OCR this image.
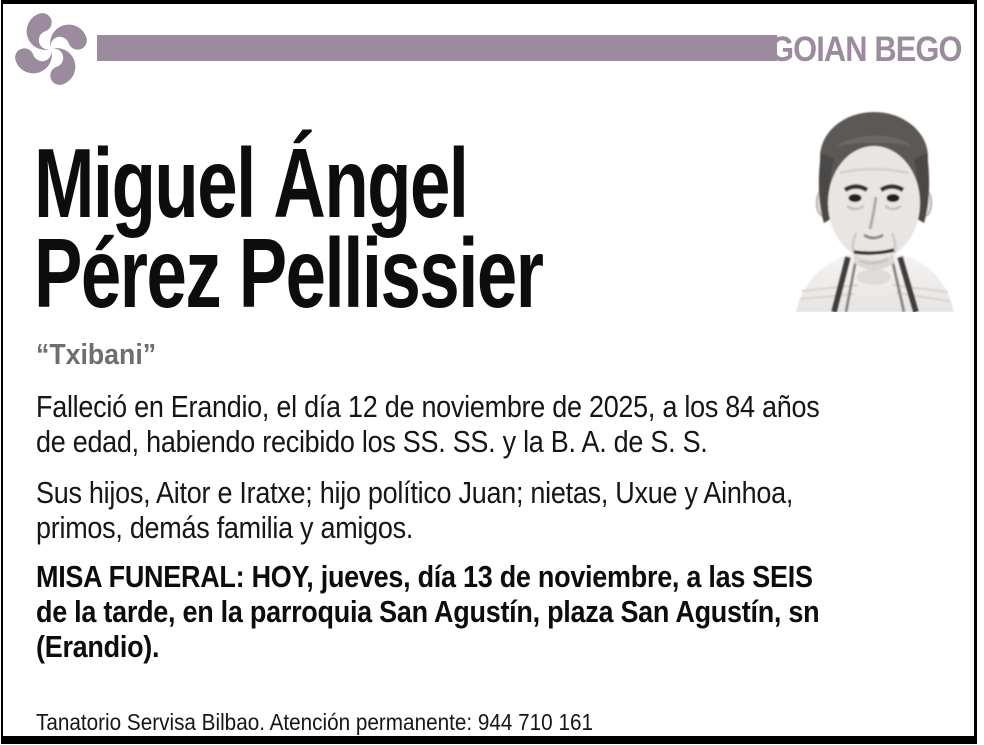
GOIAN BEGO
Miguel Ángel
Pérez Pellissier
“Txibani”
Falleció en Erandio, el día 12 de noviembre de 2025, a los 84 años
de edad, habiendo recibido los SS. SS. y la B. A. de S. S.
Sus hijos, Aitor e Iratxe; hijo político Juan; nietas, Uxue y Ainhoa,
primos, demás familia y amigos.
MISA FUNERAL: HOY, jueves, día 13 de noviembre, a las SEIS
de la tarde, en la parroquia San Agustín, plaza San Agustín, sn
(Erandio).
Tanatorio Servisa Bilbao. Atención permanente: 944 710 161
